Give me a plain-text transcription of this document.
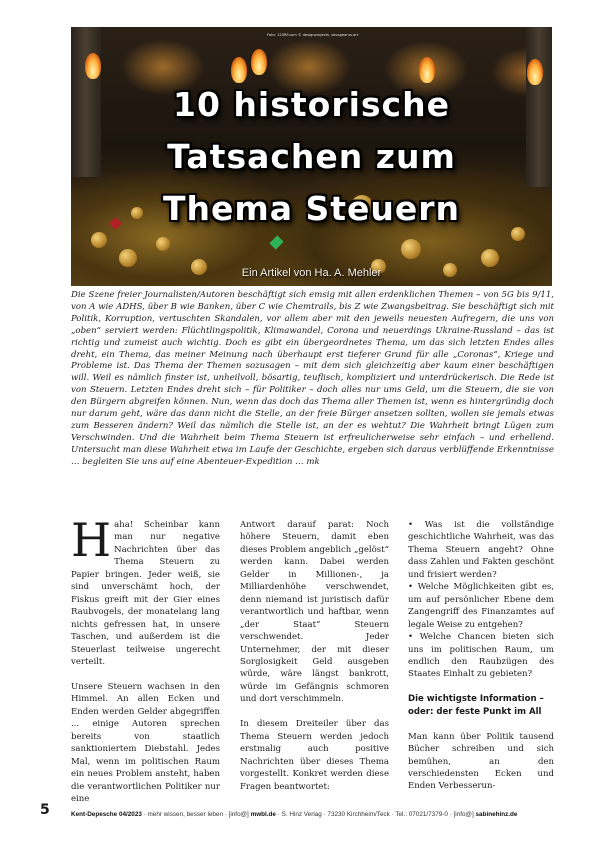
Foto: 123RF.com © designprojects, savagearus.art
10 historische
Tatsachen zum
Thema Steuern
Ein Artikel von Ha. A. Mehler

Die Szene freier Journalisten/Autoren beschäftigt sich emsig mit allen erdenklichen Themen – von 5G bis 9/11, von A wie ADHS, über B wie Banken, über C wie Chemtrails, bis Z wie Zwangsbeitrag. Sie beschäftigt sich mit Politik, Korruption, vertuschten Skandalen, vor allem aber mit den jeweils neuesten Aufregern, die uns von „oben“ serviert werden: Flüchtlingspolitik, Klimawandel, Corona und neuerdings Ukraine-Russland – das ist richtig und zumeist auch wichtig. Doch es gibt ein übergeordnetes Thema, um das sich letzten Endes alles dreht, ein Thema, das meiner Meinung nach überhaupt erst tieferer Grund für alle „Coronas“, Kriege und Probleme ist. Das Thema der Themen sozusagen – mit dem sich gleichzeitig aber kaum einer beschäftigen will. Weil es nämlich finster ist, unheilvoll, bösartig, teuflisch, kompliziert und unterdrückerisch. Die Rede ist von Steuern. Letzten Endes dreht sich – für Politiker – doch alles nur ums Geld, um die Steuern, die sie von den Bürgern abgreifen können. Nun, wenn das doch das Thema aller Themen ist, wenn es hintergründig doch nur darum geht, wäre das dann nicht die Stelle, an der freie Bürger ansetzen sollten, wollen sie jemals etwas zum Besseren ändern? Weil das nämlich die Stelle ist, an der es wehtut? Die Wahrheit bringt Lügen zum Verschwinden. Und die Wahrheit beim Thema Steuern ist erfreulicherweise sehr einfach – und erhellend. Untersucht man diese Wahrheit etwa im Laufe der Geschichte, ergeben sich daraus verblüffende Erkenntnisse … begleiten Sie uns auf eine Abenteuer-Expedition … mk

Haha! Scheinbar kann man nur negative Nachrichten über das Thema Steuern zu Papier bringen. Jeder weiß, sie sind unverschämt hoch, der Fiskus greift mit der Gier eines Raubvogels, der monatelang lang nichts gefressen hat, in unsere Taschen, und außerdem ist die Steuerlast teilweise ungerecht verteilt.

Unsere Steuern wachsen in den Himmel. An allen Ecken und Enden werden Gelder abgegriffen ... einige Autoren sprechen bereits von staatlich sanktioniertem Diebstahl. Jedes Mal, wenn im politischen Raum ein neues Problem ansteht, haben die verantwortlichen Politiker nur eine

Antwort darauf parat: Noch höhere Steuern, damit eben dieses Problem angeblich „gelöst“ werden kann. Dabei werden Gelder in Millionen-, ja Milliardenhöhe verschwendet, denn niemand ist juristisch dafür verantwortlich und haftbar, wenn „der Staat“ Steuern verschwendet. Jeder Unternehmer, der mit dieser Sorglosigkeit Geld ausgeben würde, wäre längst bankrott, würde im Gefängnis schmoren und dort verschimmeln.

In diesem Dreiteiler über das Thema Steuern werden jedoch erstmalig auch positive Nachrichten über dieses Thema vorgestellt. Konkret werden diese Fragen beantwortet:

• Was ist die vollständige geschichtliche Wahrheit, was das Thema Steuern angeht? Ohne dass Zahlen und Fakten geschönt und frisiert werden?
• Welche Möglichkeiten gibt es, um auf persönlicher Ebene dem Zangengriff des Finanzamtes auf legale Weise zu entgehen?
• Welche Chancen bieten sich uns im politischen Raum, um endlich den Raubzügen des Staates Einhalt zu gebieten?
Die wichtigste Information – oder: der feste Punkt im All

Man kann über Politik tausend Bücher schreiben und sich bemühen, an den verschiedensten Ecken und Enden Verbesserun-

5	Kent-Depesche 04/2023 · mehr wissen, besser leben · [info@] mwbl.de · S. Hinz Verlag · 73230 Kirchheim/Teck · Tel.: 07021/7379-0 · [info@] sabinehinz.de
